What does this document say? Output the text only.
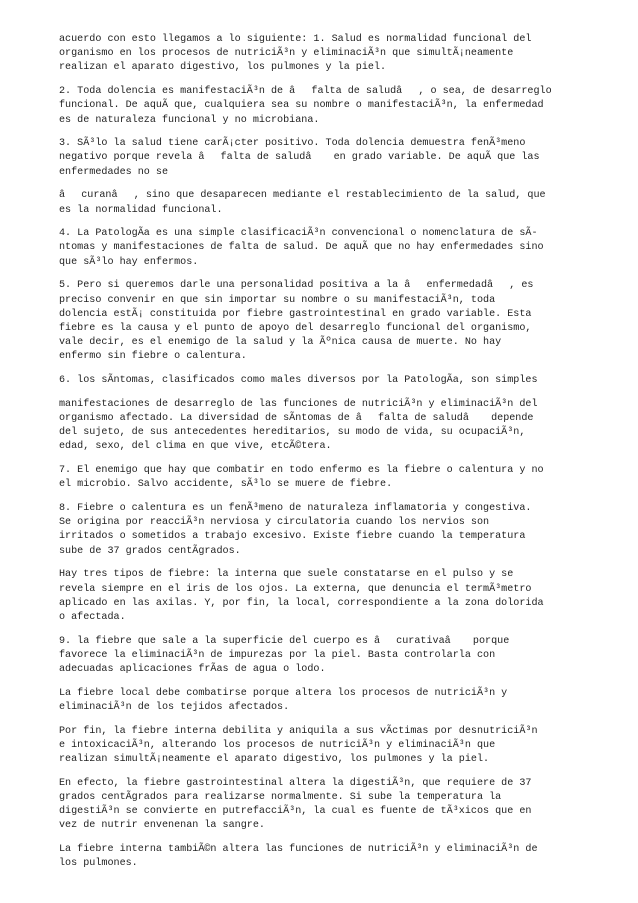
acuerdo con esto llegamos a lo siguiente: 1. Salud es normalidad funcional del
organismo en los procesos de nutriciÃ³n y eliminaciÃ³n que simultÃ¡neamente
realizan el aparato digestivo, los pulmones y la piel.

2. Toda dolencia es manifestaciÃ³n de âfalta de saludâ, o sea, de desarreglo
funcional. De aquÃ que, cualquiera sea su nombre o manifestaciÃ³n, la enfermedad
es de naturaleza funcional y no microbiana.

3. SÃ³lo la salud tiene carÃ¡cter positivo. Toda dolencia demuestra fenÃ³meno
negativo porque revela âfalta de saludâ en grado variable. De aquÃ que las
enfermedades no se

âcuranâ, sino que desaparecen mediante el restablecimiento de la salud, que
es la normalidad funcional.

4. La PatologÃa es una simple clasificaciÃ³n convencional o nomenclatura de sÃ-
ntomas y manifestaciones de falta de salud. De aquÃ que no hay enfermedades sino
que sÃ³lo hay enfermos.

5. Pero si queremos darle una personalidad positiva a la âenfermedadâ, es
preciso convenir en que sin importar su nombre o su manifestaciÃ³n, toda
dolencia estÃ¡ constituida por fiebre gastrointestinal en grado variable. Esta
fiebre es la causa y el punto de apoyo del desarreglo funcional del organismo,
vale decir, es el enemigo de la salud y la Ãºnica causa de muerte. No hay
enfermo sin fiebre o calentura.

6. los sÃntomas, clasificados como males diversos por la PatologÃa, son simples

manifestaciones de desarreglo de las funciones de nutriciÃ³n y eliminaciÃ³n del
organismo afectado. La diversidad de sÃntomas de âfalta de saludâ depende
del sujeto, de sus antecedentes hereditarios, su modo de vida, su ocupaciÃ³n,
edad, sexo, del clima en que vive, etcÃ©tera.

7. El enemigo que hay que combatir en todo enfermo es la fiebre o calentura y no
el microbio. Salvo accidente, sÃ³lo se muere de fiebre.

8. Fiebre o calentura es un fenÃ³meno de naturaleza inflamatoria y congestiva.
Se origina por reacciÃ³n nerviosa y circulatoria cuando los nervios son
irritados o sometidos a trabajo excesivo. Existe fiebre cuando la temperatura
sube de 37 grados centÃgrados.

Hay tres tipos de fiebre: la interna que suele constatarse en el pulso y se
revela siempre en el iris de los ojos. La externa, que denuncia el termÃ³metro
aplicado en las axilas. Y, por fin, la local, correspondiente a la zona dolorida
o afectada.

9. la fiebre que sale a la superficie del cuerpo es âcurativaâ porque
favorece la eliminaciÃ³n de impurezas por la piel. Basta controlarla con
adecuadas aplicaciones frÃas de agua o lodo.

La fiebre local debe combatirse porque altera los procesos de nutriciÃ³n y
eliminaciÃ³n de los tejidos afectados.

Por fin, la fiebre interna debilita y aniquila a sus vÃctimas por desnutriciÃ³n
e intoxicaciÃ³n, alterando los procesos de nutriciÃ³n y eliminaciÃ³n que
realizan simultÃ¡neamente el aparato digestivo, los pulmones y la piel.

En efecto, la fiebre gastrointestinal altera la digestiÃ³n, que requiere de 37
grados centÃgrados para realizarse normalmente. Si sube la temperatura la
digestiÃ³n se convierte en putrefacciÃ³n, la cual es fuente de tÃ³xicos que en
vez de nutrir envenenan la sangre.

La fiebre interna tambiÃ©n altera las funciones de nutriciÃ³n y eliminaciÃ³n de
los pulmones.
